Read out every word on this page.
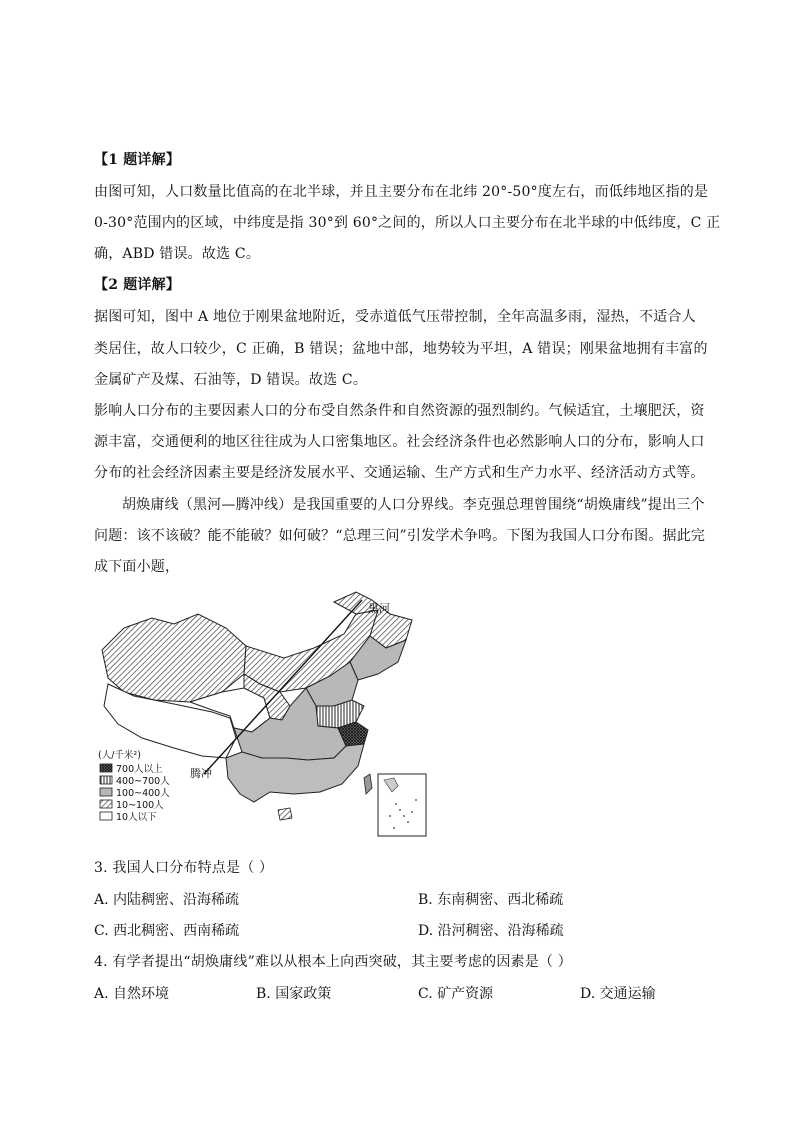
【1 题详解】
由图可知，人口数量比值高的在北半球，并且主要分布在北纬 20°-50°度左右，而低纬地区指的是
0-30°范围内的区域，中纬度是指 30°到 60°之间的，所以人口主要分布在北半球的中低纬度，C 正
确，ABD 错误。故选 C。
【2 题详解】
据图可知，图中 A 地位于刚果盆地附近，受赤道低气压带控制，全年高温多雨，湿热，不适合人
类居住，故人口较少，C 正确，B 错误；盆地中部，地势较为平坦，A 错误；刚果盆地拥有丰富的
金属矿产及煤、石油等，D 错误。故选 C。
影响人口分布的主要因素人口的分布受自然条件和自然资源的强烈制约。气候适宜，土壤肥沃，资
源丰富，交通便利的地区往往成为人口密集地区。社会经济条件也必然影响人口的分布，影响人口
分布的社会经济因素主要是经济发展水平、交通运输、生产方式和生产力水平、经济活动方式等。
胡焕庸线（黑河—腾冲线）是我国重要的人口分界线。李克强总理曾围绕“胡焕庸线”提出三个
问题：该不该破？能不能破？如何破？“总理三问”引发学术争鸣。下图为我国人口分布图。据此完
成下面小题，
黑河
腾冲
(人/千米²)
700人以上
400~700人
100~400人
10~100人
10人以下
3. 我国人口分布特点是（ ）
A. 内陆稠密、沿海稀疏	B. 东南稠密、西北稀疏
C. 西北稠密、西南稀疏	D. 沿河稠密、沿海稀疏
4. 有学者提出“胡焕庸线”难以从根本上向西突破，其主要考虑的因素是（ ）
A. 自然环境	B. 国家政策	C. 矿产资源	D. 交通运输
